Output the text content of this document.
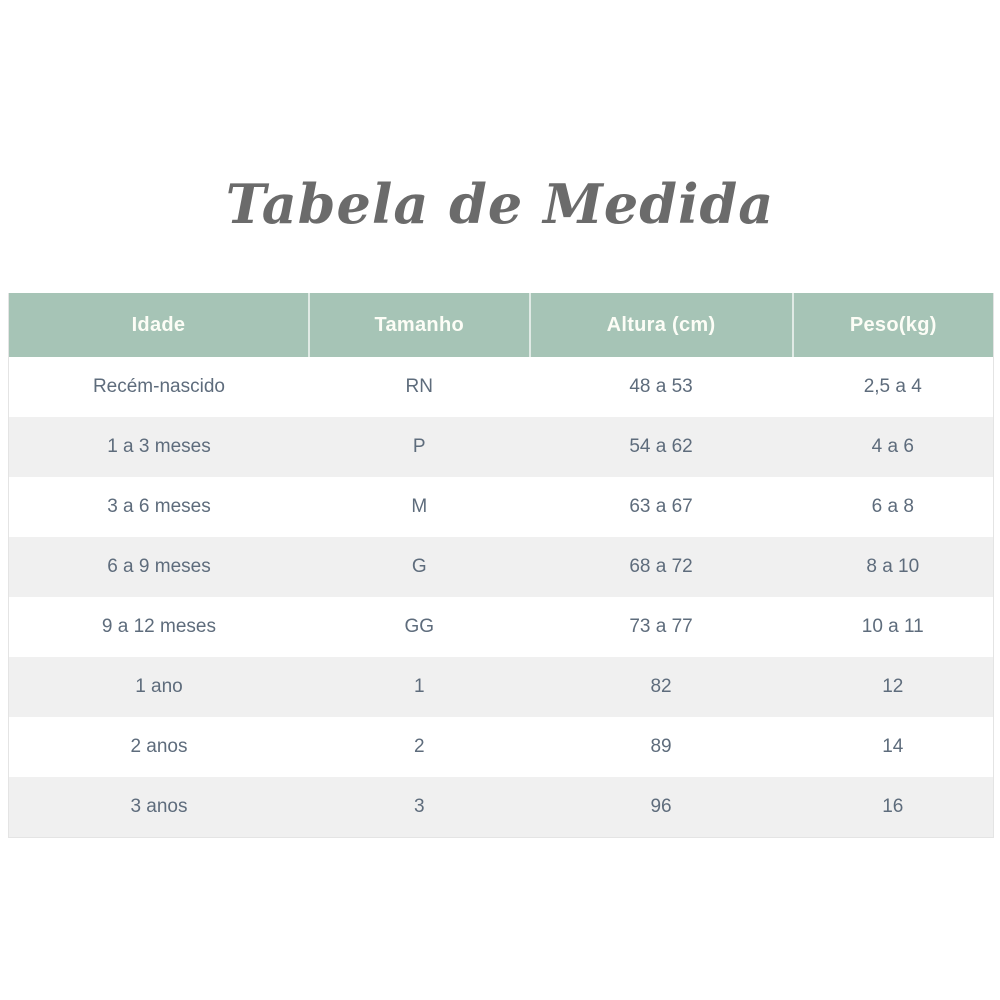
Tabela de Medida
Idade	Tamanho	Altura (cm)	Peso(kg)
Recém-nascido	RN	48 a 53	2,5 a 4
1 a 3 meses	P	54 a 62	4 a 6
3 a 6 meses	M	63 a 67	6 a 8
6 a 9 meses	G	68 a 72	8 a 10
9 a 12 meses	GG	73 a 77	10 a 11
1 ano	1	82	12
2 anos	2	89	14
3 anos	3	96	16
